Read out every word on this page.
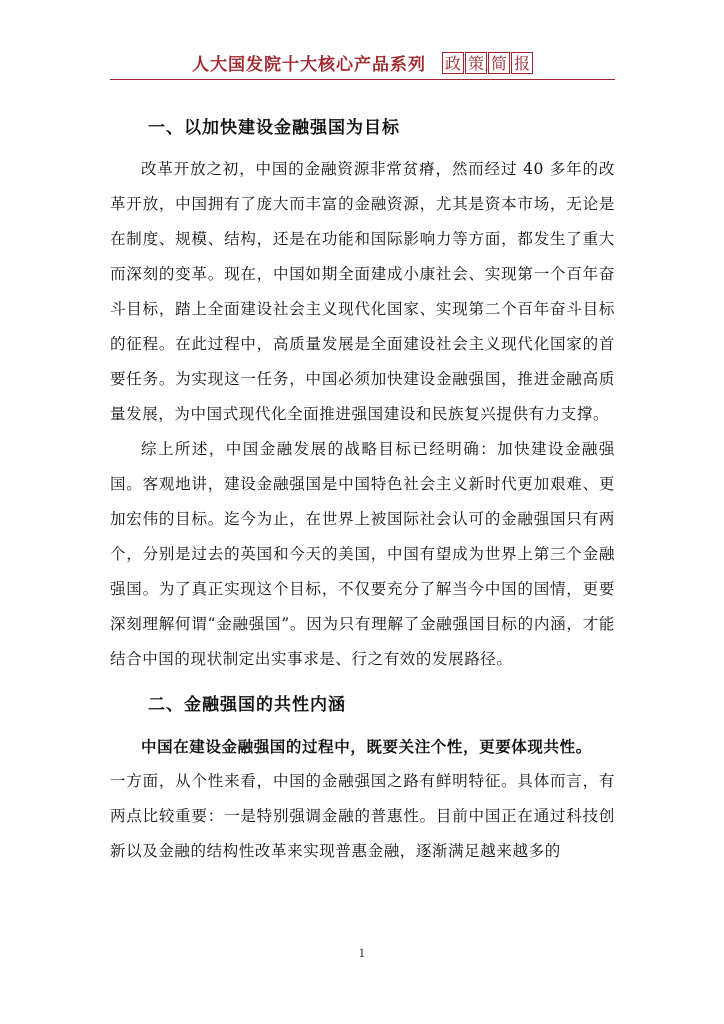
人大国发院十大核心产品系列 政 策 简 报
一、以加快建设金融强国为目标

改革开放之初，中国的金融资源非常贫瘠，然而经过 40 多年的改革开放，中国拥有了庞大而丰富的金融资源，尤其是资本市场，无论是在制度、规模、结构，还是在功能和国际影响力等方面，都发生了重大而深刻的变革。现在，中国如期全面建成小康社会、实现第一个百年奋斗目标，踏上全面建设社会主义现代化国家、实现第二个百年奋斗目标的征程。在此过程中，高质量发展是全面建设社会主义现代化国家的首要任务。为实现这一任务，中国必须加快建设金融强国，推进金融高质量发展，为中国式现代化全面推进强国建设和民族复兴提供有力支撑。

综上所述，中国金融发展的战略目标已经明确：加快建设金融强国。客观地讲，建设金融强国是中国特色社会主义新时代更加艰难、更加宏伟的目标。迄今为止，在世界上被国际社会认可的金融强国只有两个，分别是过去的英国和今天的美国，中国有望成为世界上第三个金融强国。为了真正实现这个目标，不仅要充分了解当今中国的国情，更要深刻理解何谓“金融强国”。因为只有理解了金融强国目标的内涵，才能结合中国的现状制定出实事求是、行之有效的发展路径。

二、金融强国的共性内涵

中国在建设金融强国的过程中，既要关注个性，更要体现共性。

一方面，从个性来看，中国的金融强国之路有鲜明特征。具体而言，有两点比较重要：一是特别强调金融的普惠性。目前中国正在通过科技创新以及金融的结构性改革来实现普惠金融，逐渐满足越来越多的

1
